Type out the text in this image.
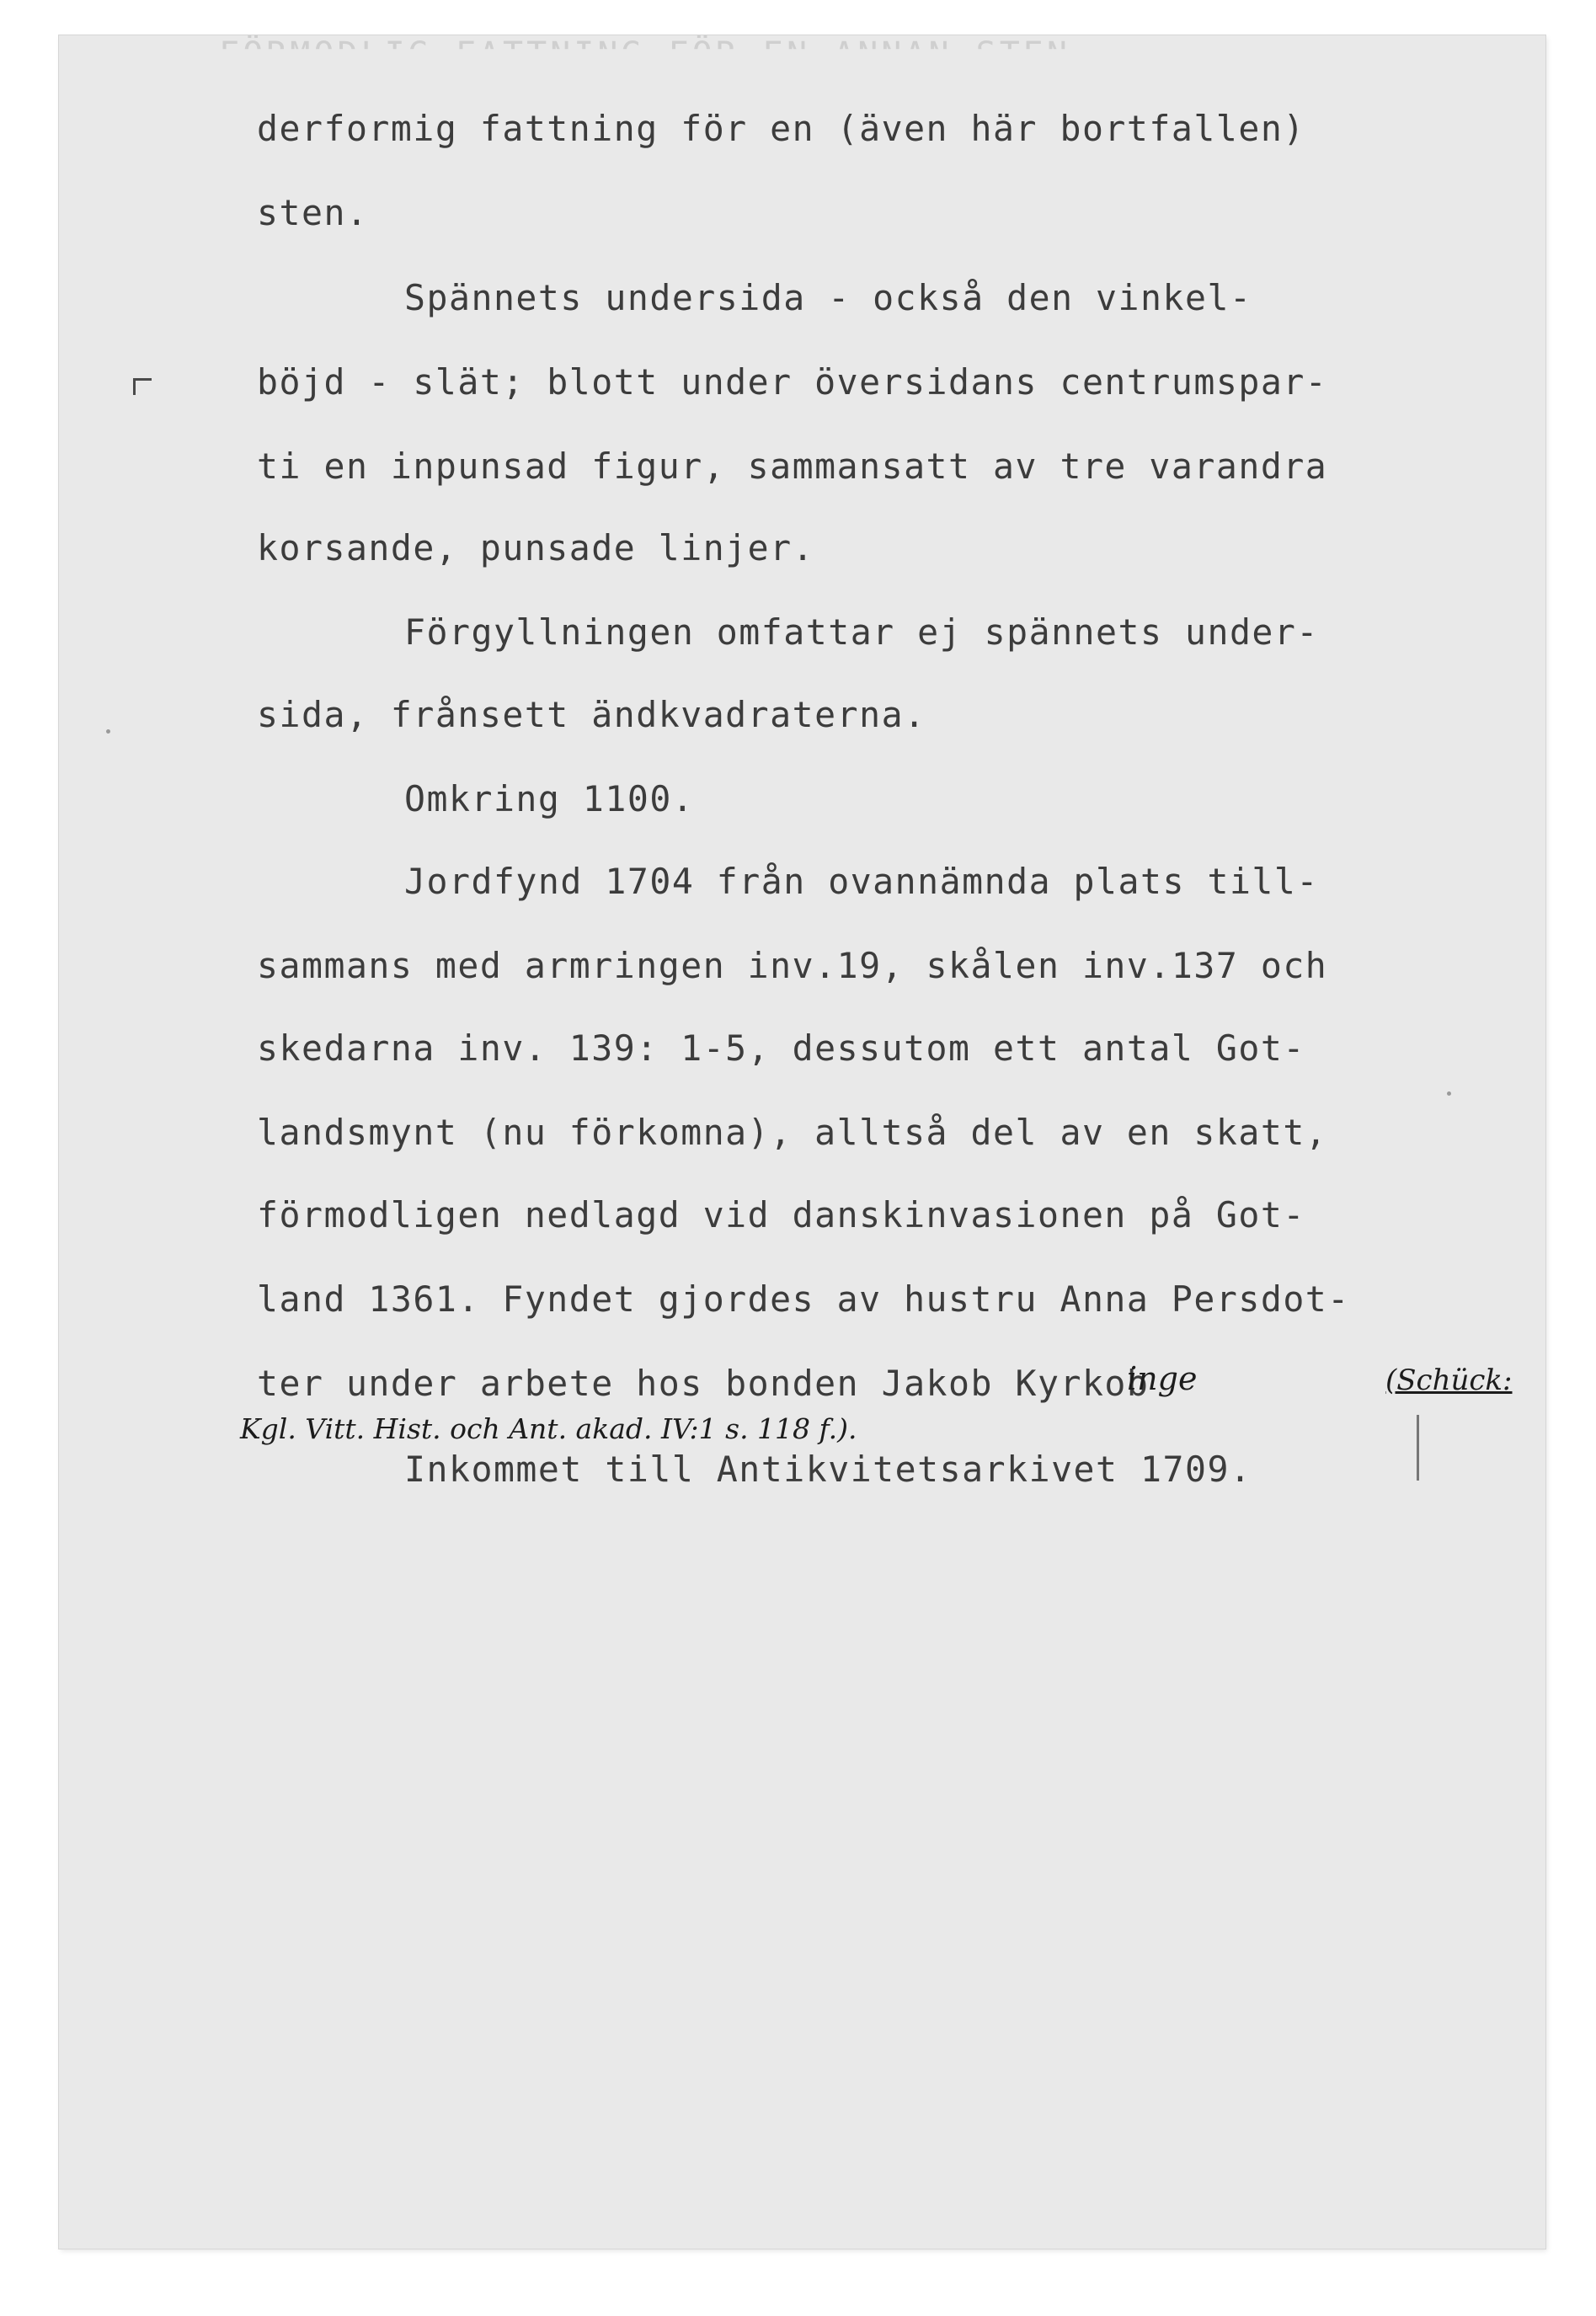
derformig fattning för en (även här bortfallen)
sten.
Spännets undersida - också den vinkel-
böjd - slät; blott under översidans centrumspar-
ti en inpunsad figur, sammansatt av tre varandra
korsande, punsade linjer.
Förgyllningen omfattar ej spännets under-
sida, frånsett ändkvadraterna.
Omkring 1100.
Jordfynd 1704 från ovannämnda plats till-
sammans med armringen inv.19, skålen inv.137 och
skedarna inv. 139: 1-5, dessutom ett antal Got-
landsmynt (nu förkomna), alltså del av en skatt,
förmodligen nedlagd vid danskinvasionen på Got-
land 1361. Fyndet gjordes av hustru Anna Persdot-
ter under arbete hos bonden Jakob Kyrkob
inge	(Schück:
Kgl. Vitt. Hist. och Ant. akad. IV:1 s. 118 f.).
Inkommet till Antikvitetsarkivet 1709.
